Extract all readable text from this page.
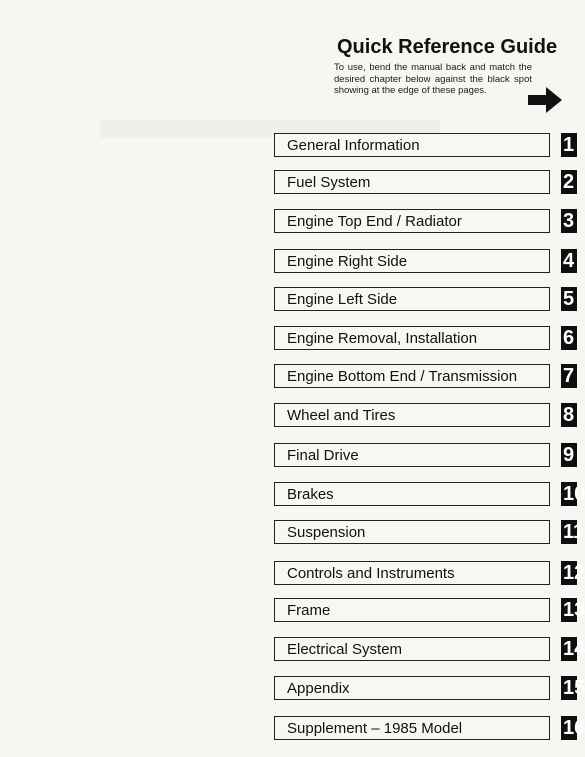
Quick Reference Guide

To use, bend the manual back and match the desired chapter below against the black spot showing at the edge of these pages.

General Information	1
Fuel System	2
Engine Top End / Radiator	3
Engine Right Side	4
Engine Left Side	5
Engine Removal, Installation	6
Engine Bottom End / Transmission 7
Wheel and Tires	8
Final Drive	9
Brakes	10
Suspension	11
Controls and Instruments	12
Frame	13
Electrical System	14
Appendix	15
Supplement – 1985 Model	16
